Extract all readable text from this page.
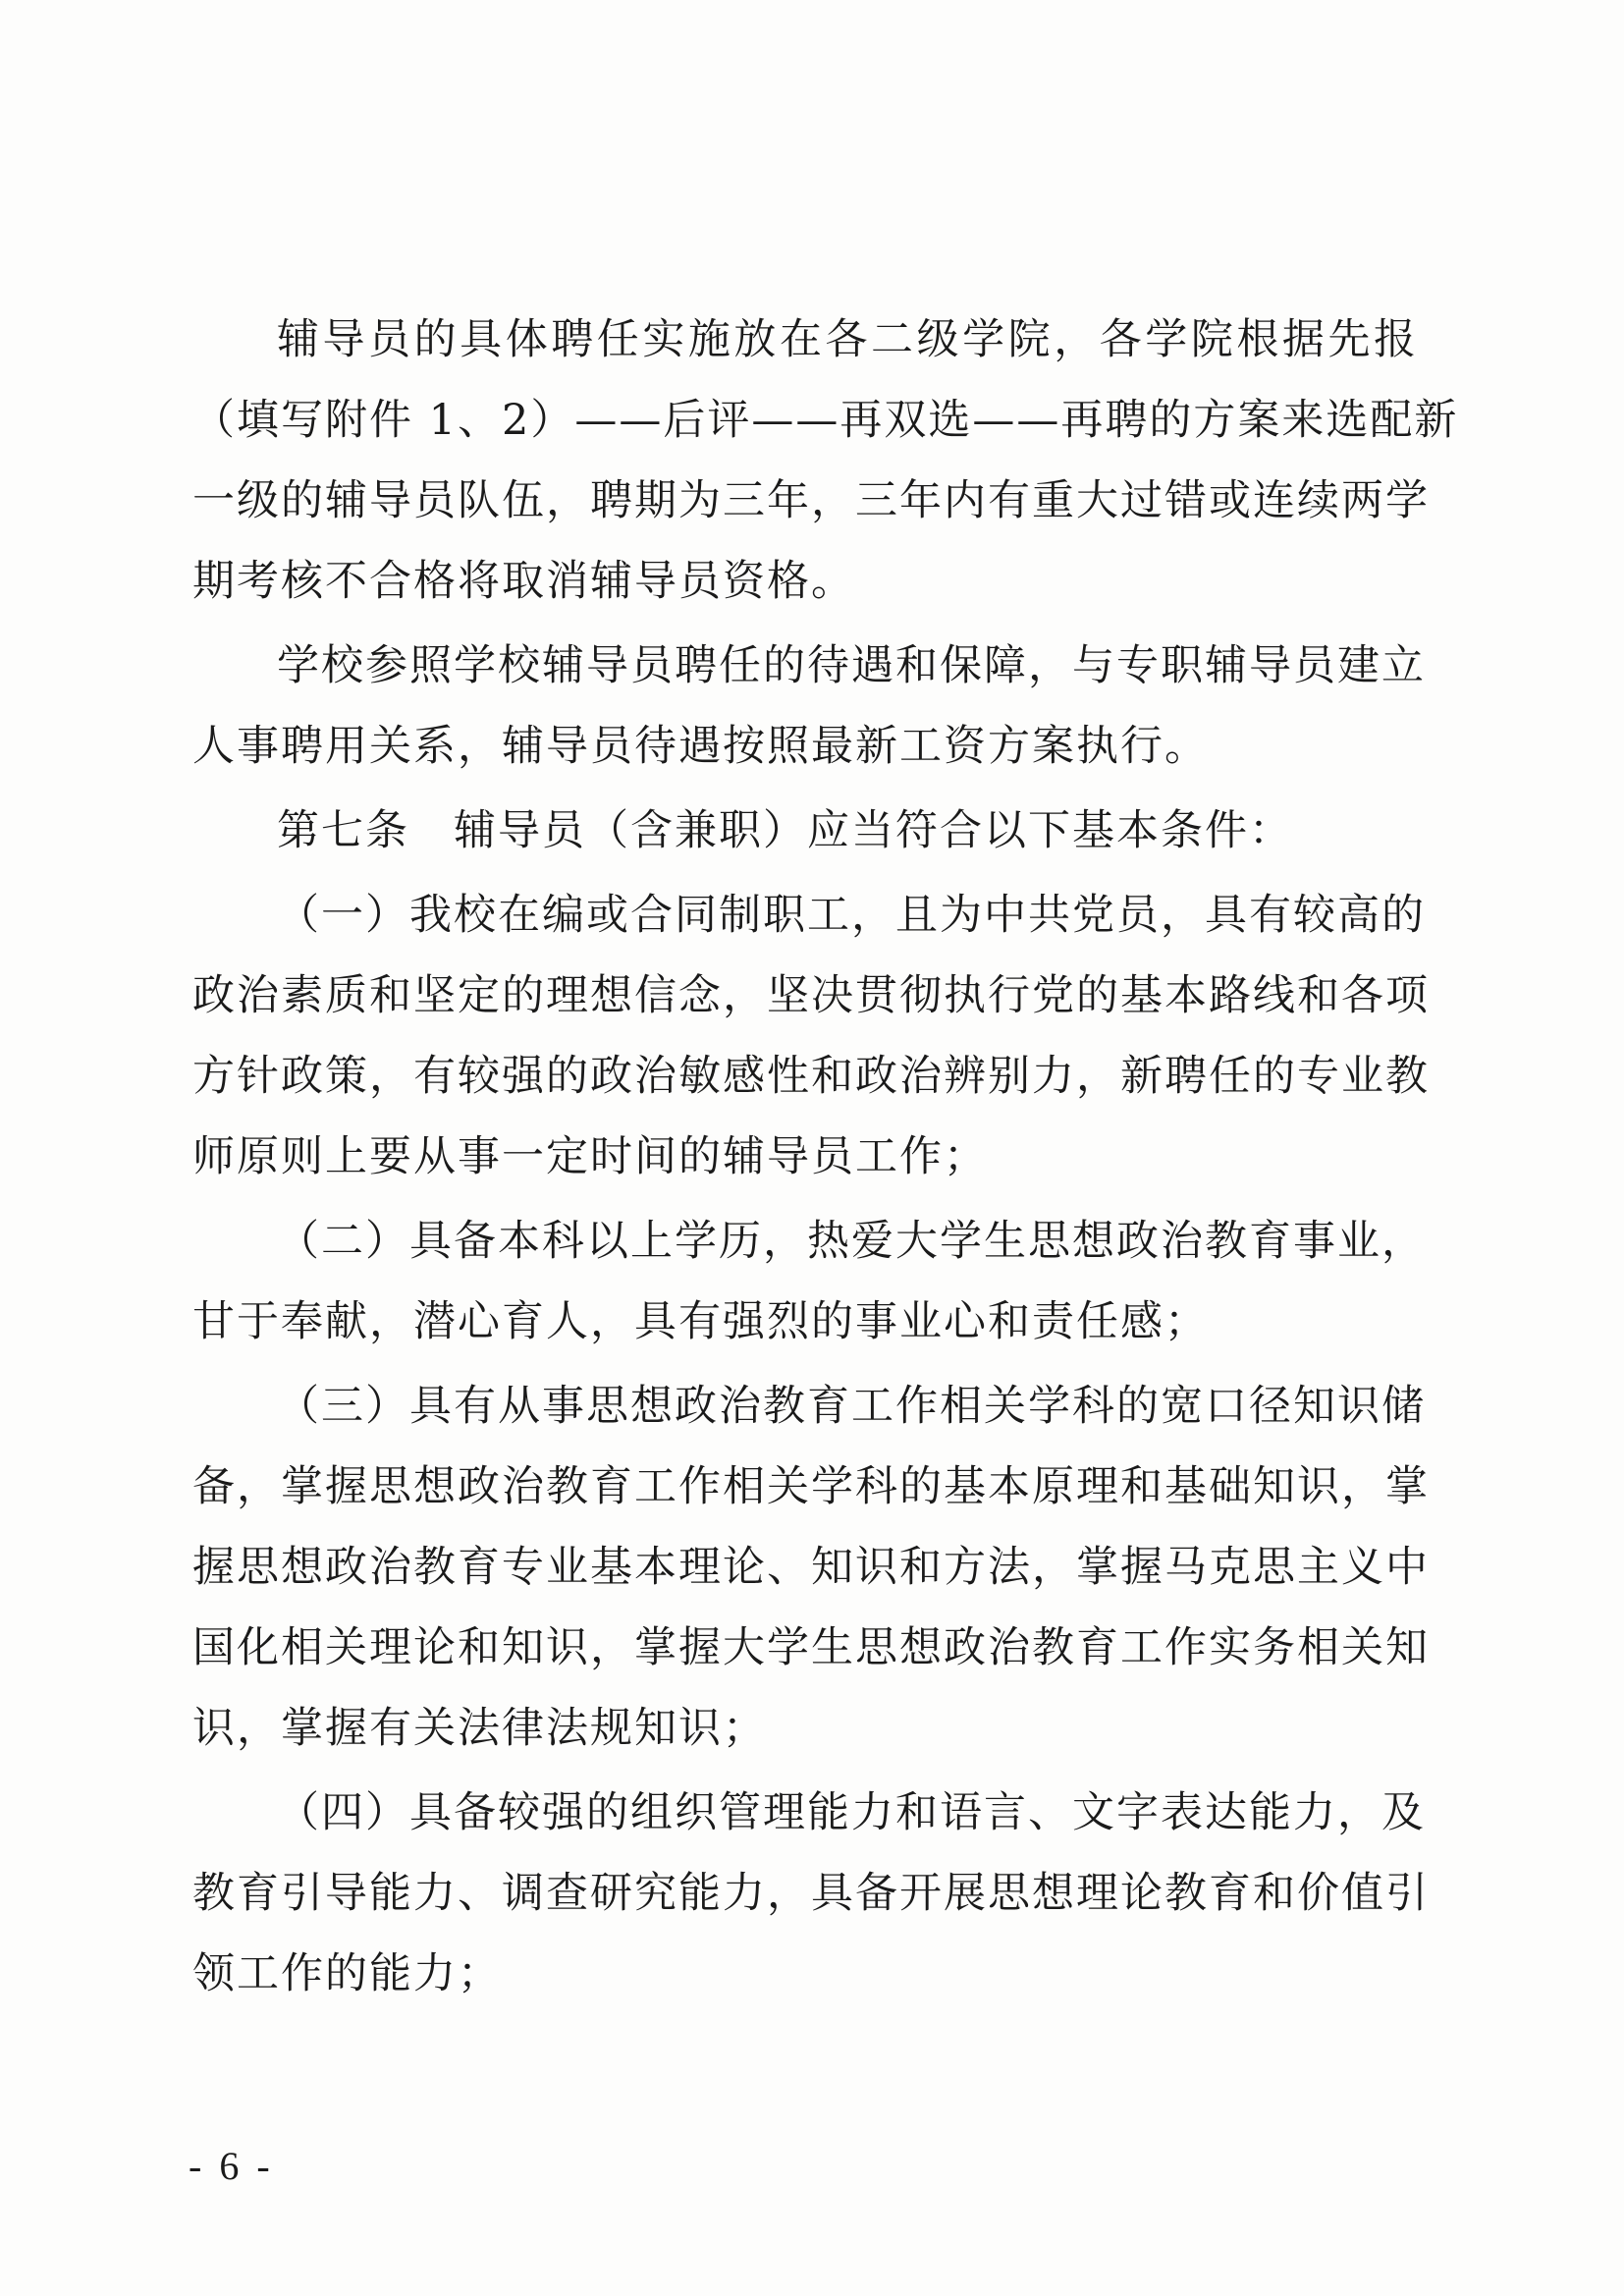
辅导员的具体聘任实施放在各二级学院，各学院根据先报
（填写附件 1、2）——后评——再双选——再聘的方案来选配新
一级的辅导员队伍，聘期为三年，三年内有重大过错或连续两学
期考核不合格将取消辅导员资格。

学校参照学校辅导员聘任的待遇和保障，与专职辅导员建立
人事聘用关系，辅导员待遇按照最新工资方案执行。

第七条　辅导员（含兼职）应当符合以下基本条件：

（一）我校在编或合同制职工，且为中共党员，具有较高的
政治素质和坚定的理想信念，坚决贯彻执行党的基本路线和各项
方针政策，有较强的政治敏感性和政治辨别力，新聘任的专业教
师原则上要从事一定时间的辅导员工作；

（二）具备本科以上学历，热爱大学生思想政治教育事业，
甘于奉献，潜心育人，具有强烈的事业心和责任感；

（三）具有从事思想政治教育工作相关学科的宽口径知识储
备，掌握思想政治教育工作相关学科的基本原理和基础知识，掌
握思想政治教育专业基本理论、知识和方法，掌握马克思主义中
国化相关理论和知识，掌握大学生思想政治教育工作实务相关知
识，掌握有关法律法规知识；

（四）具备较强的组织管理能力和语言、文字表达能力，及
教育引导能力、调查研究能力，具备开展思想理论教育和价值引
领工作的能力；

- 6 -
